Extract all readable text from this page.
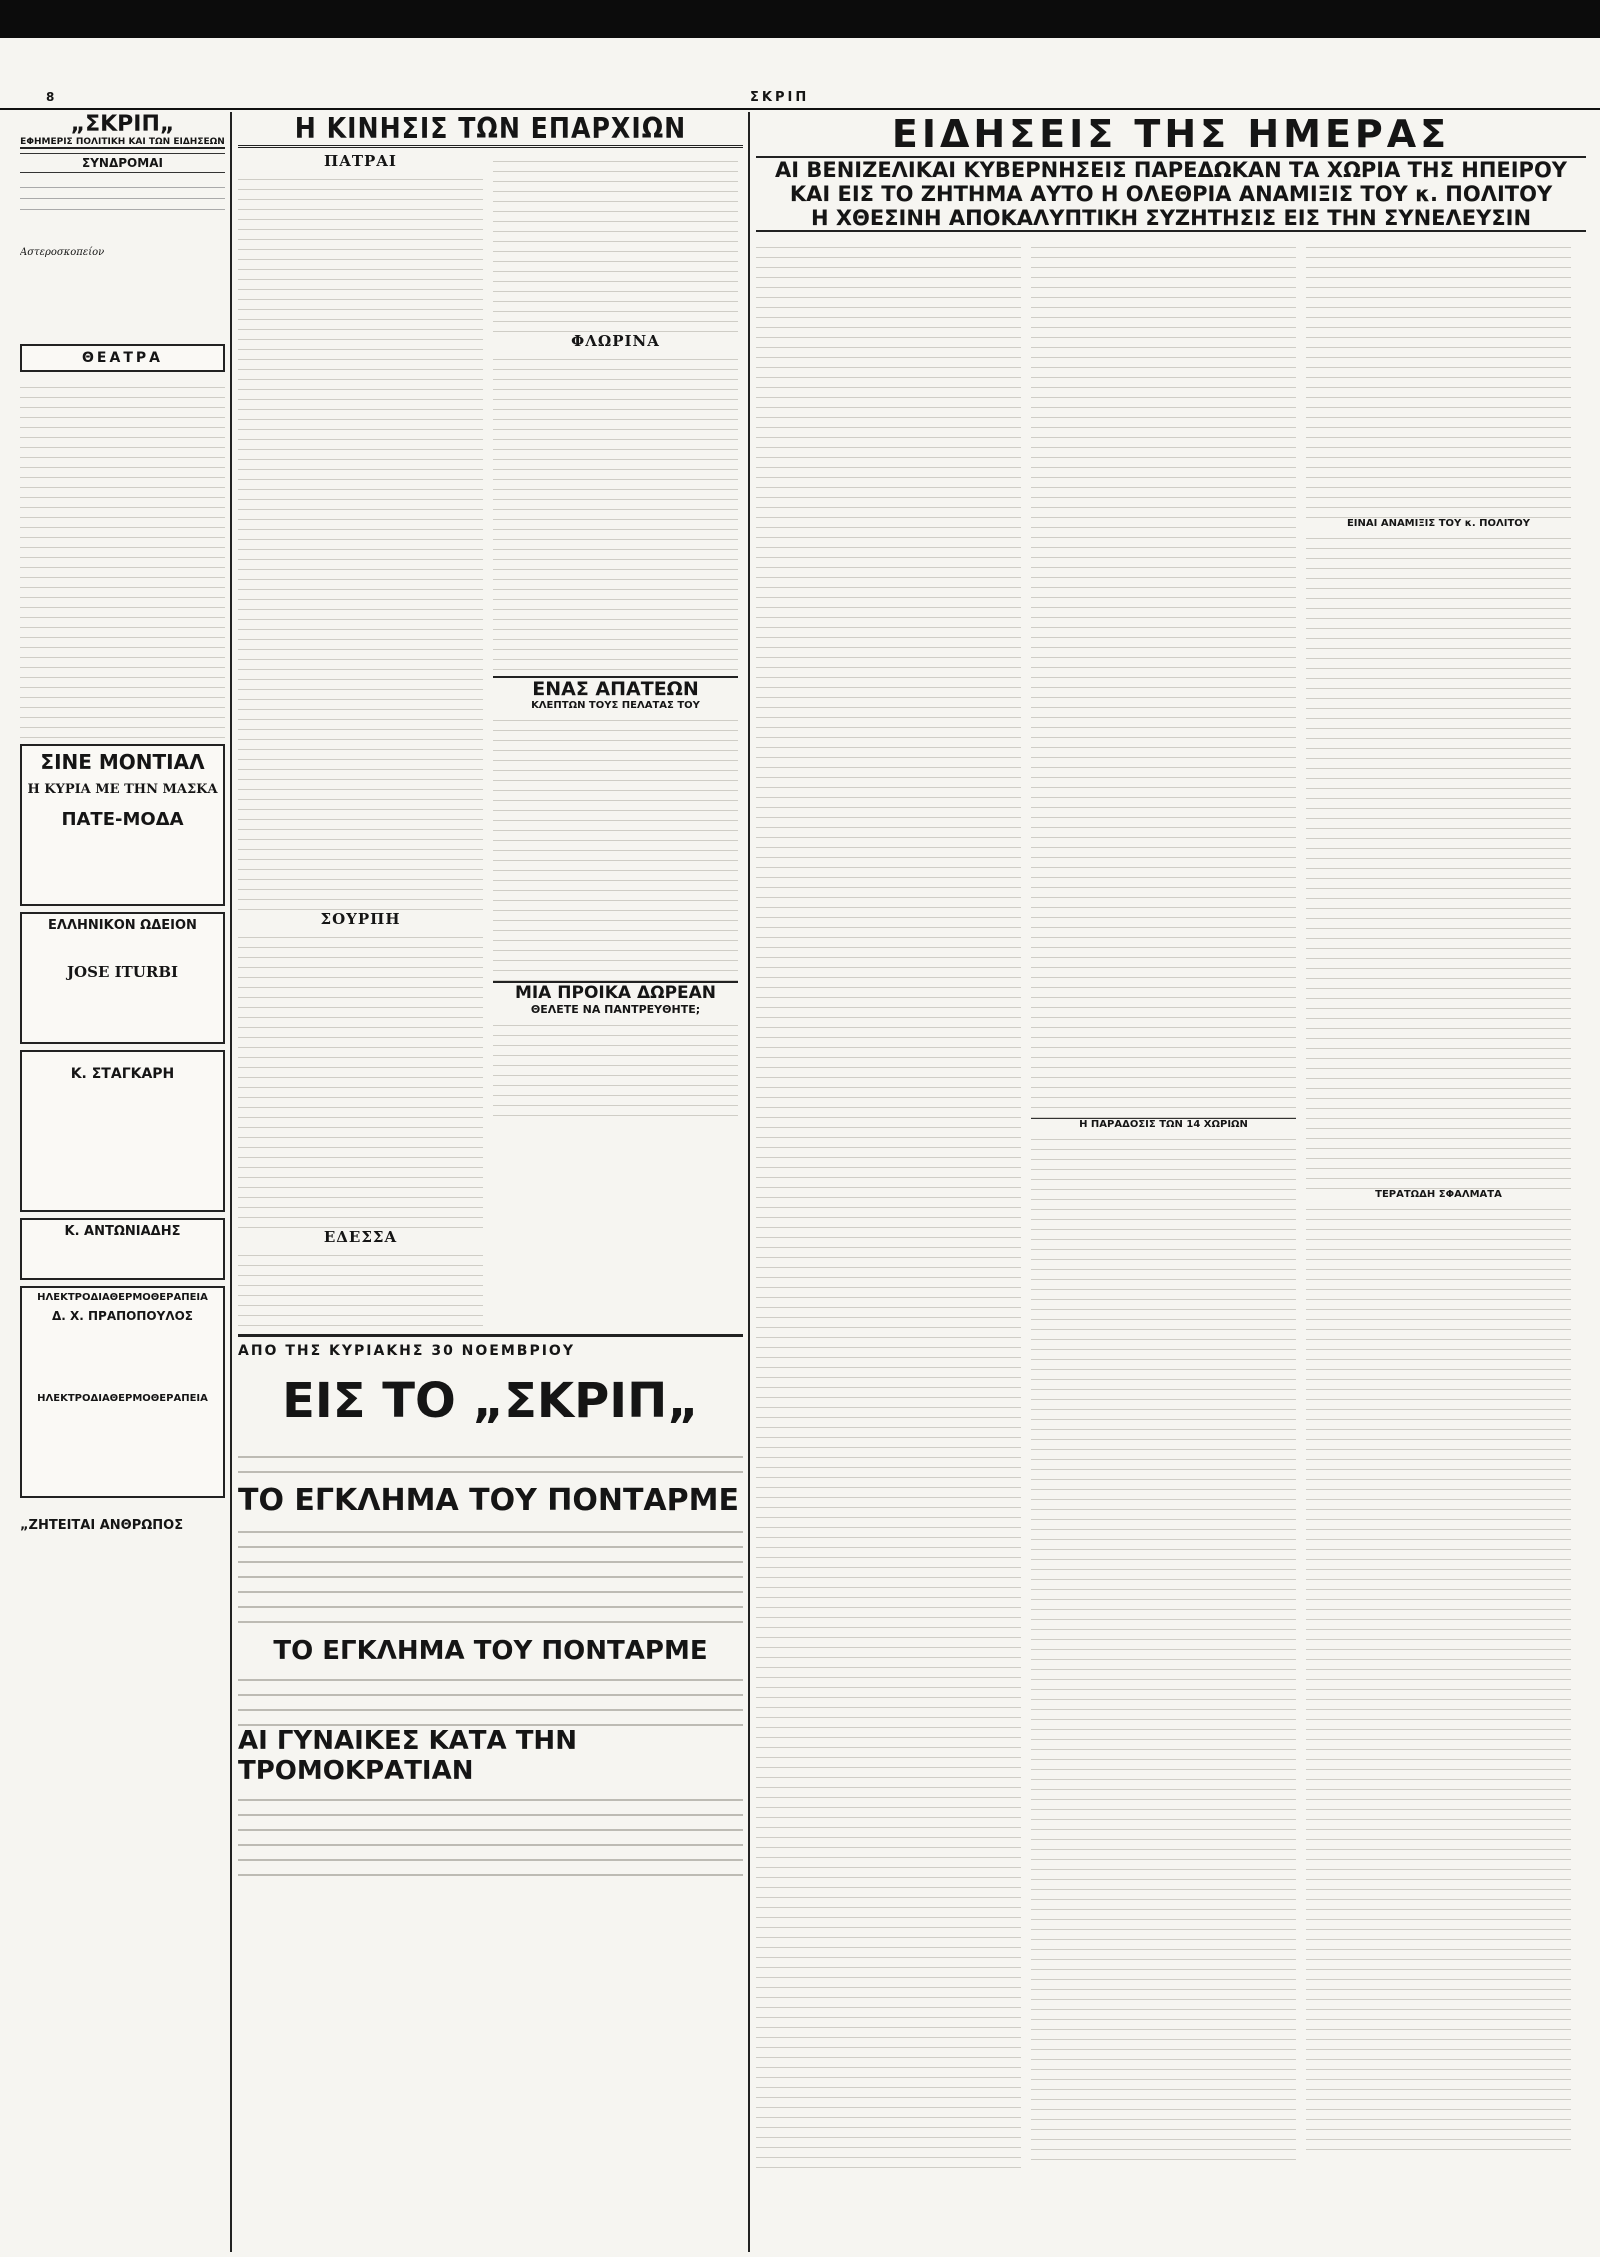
8	ΣΚΡΙΠ
„ΣΚΡΙΠ„
ΕΦΗΜΕΡΙΣ ΠΟΛΙΤΙΚΗ ΚΑΙ ΤΩΝ ΕΙΔΗΣΕΩΝ
ΣΥΝΔΡΟΜΑΙ
Αστεροσκοπείον
ΘΕΑΤΡΑ
ΣΙΝΕ ΜΟΝΤΙΑΛ
Η ΚΥΡΙΑ ΜΕ ΤΗΝ ΜΑΣΚΑ
ΠΑΤΕ-ΜΟΔΑ
ΕΛΛΗΝΙΚΟΝ ΩΔΕΙΟΝ
JOSE ITURBI
Κ. ΣΤΑΓΚΑΡΗ
Κ. ΑΝΤΩΝΙΑΔΗΣ
ΗΛΕΚΤΡΟΔΙΑΘΕΡΜΟΘΕΡΑΠΕΙΑ
Δ. Χ. ΠΡΑΠΟΠΟΥΛΟΣ
ΗΛΕΚΤΡΟΔΙΑΘΕΡΜΟΘΕΡΑΠΕΙΑ
„ΖΗΤΕΙΤΑΙ ΑΝΘΡΩΠΟΣ
Η ΚΙΝΗΣΙΣ ΤΩΝ ΕΠΑΡΧΙΩΝ
ΠΑΤΡΑΙ
ΣΟΥΡΠΗ
ΕΔΕΣΣΑ
ΦΛΩΡΙΝΑ
ΕΝΑΣ ΑΠΑΤΕΩΝ
ΚΛΕΠΤΩΝ ΤΟΥΣ ΠΕΛΑΤΑΣ ΤΟΥ
ΜΙΑ ΠΡΟΙΚΑ ΔΩΡΕΑΝ
ΘΕΛΕΤΕ ΝΑ ΠΑΝΤΡΕΥΘΗΤΕ;
ΑΠΟ ΤΗΣ ΚΥΡΙΑΚΗΣ 30 ΝΟΕΜΒΡΙΟΥ
ΕΙΣ ΤΟ „ΣΚΡΙΠ„
ΤΟ ΕΓΚΛΗΜΑ ΤΟΥ ΠΟΝΤΑΡΜΕ
ΤΟ ΕΓΚΛΗΜΑ ΤΟΥ ΠΟΝΤΑΡΜΕ
ΑΙ ΓΥΝΑΙΚΕΣ ΚΑΤΑ ΤΗΝ ΤΡΟΜΟΚΡΑΤΙΑΝ
ΕΙΔΗΣΕΙΣ ΤΗΣ ΗΜΕΡΑΣ
ΑΙ ΒΕΝΙΖΕΛΙΚΑΙ ΚΥΒΕΡΝΗΣΕΙΣ ΠΑΡΕΔΩΚΑΝ ΤΑ ΧΩΡΙΑ ΤΗΣ ΗΠΕΙΡΟΥ
ΚΑΙ ΕΙΣ ΤΟ ΖΗΤΗΜΑ ΑΥΤΟ Η ΟΛΕΘΡΙΑ ΑΝΑΜΙΞΙΣ ΤΟΥ κ. ΠΟΛΙΤΟΥ
Η ΧΘΕΣΙΝΗ ΑΠΟΚΑΛΥΠΤΙΚΗ ΣΥΖΗΤΗΣΙΣ ΕΙΣ ΤΗΝ ΣΥΝΕΛΕΥΣΙΝ
Η ΠΑΡΑΔΟΣΙΣ ΤΩΝ 14 ΧΩΡΙΩΝ
ΕΙΝΑΙ ΑΝΑΜΙΞΙΣ ΤΟΥ κ. ΠΟΛΙΤΟΥ
ΤΕΡΑΤΩΔΗ ΣΦΑΛΜΑΤΑ
